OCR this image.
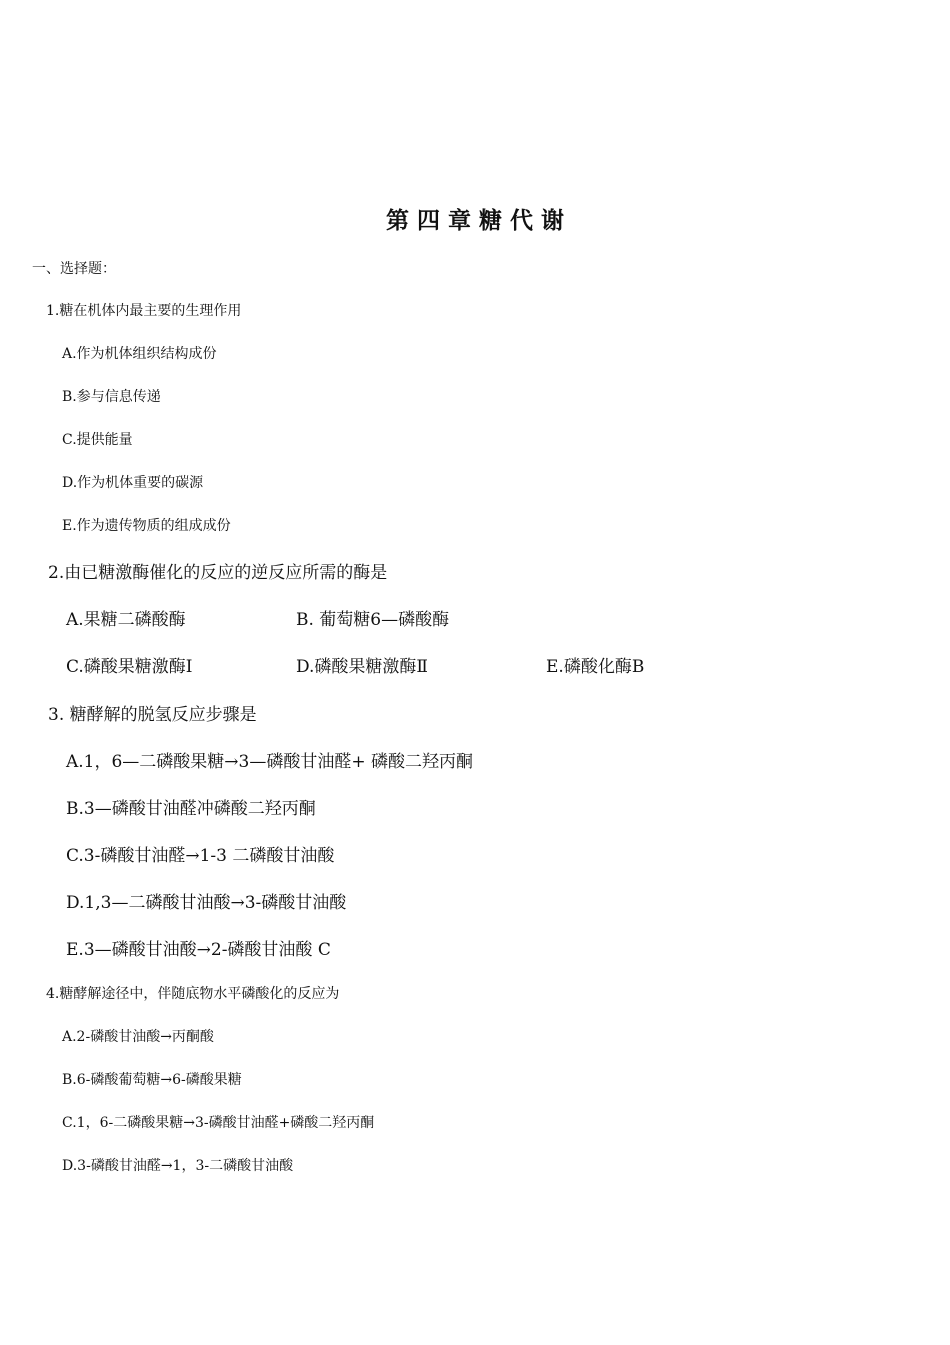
第 四 章 糖 代 谢
一、选择题：
1.糖在机体内最主要的生理作用
A.作为机体组织结构成份
B.参与信息传递
C.提供能量
D.作为机体重要的碳源
E.作为遗传物质的组成成份
2.由已糖激酶催化的反应的逆反应所需的酶是
A.果糖二磷酸酶	B. 葡萄糖6—磷酸酶
C.磷酸果糖激酶I	D.磷酸果糖激酶Ⅱ	E.磷酸化酶B
3. 糖酵解的脱氢反应步骤是
A.1，6—二磷酸果糖→3—磷酸甘油醛+ 磷酸二羟丙酮
B.3—磷酸甘油醛冲磷酸二羟丙酮
C.3-磷酸甘油醛→1-3 二磷酸甘油酸
D.1,3—二磷酸甘油酸→3-磷酸甘油酸
E.3—磷酸甘油酸→2-磷酸甘油酸 C
4.糖酵解途径中，伴随底物水平磷酸化的反应为
A.2-磷酸甘油酸→丙酮酸
B.6-磷酸葡萄糖→6-磷酸果糖
C.1，6-二磷酸果糖→3-磷酸甘油醛+磷酸二羟丙酮
D.3-磷酸甘油醛→1，3-二磷酸甘油酸
